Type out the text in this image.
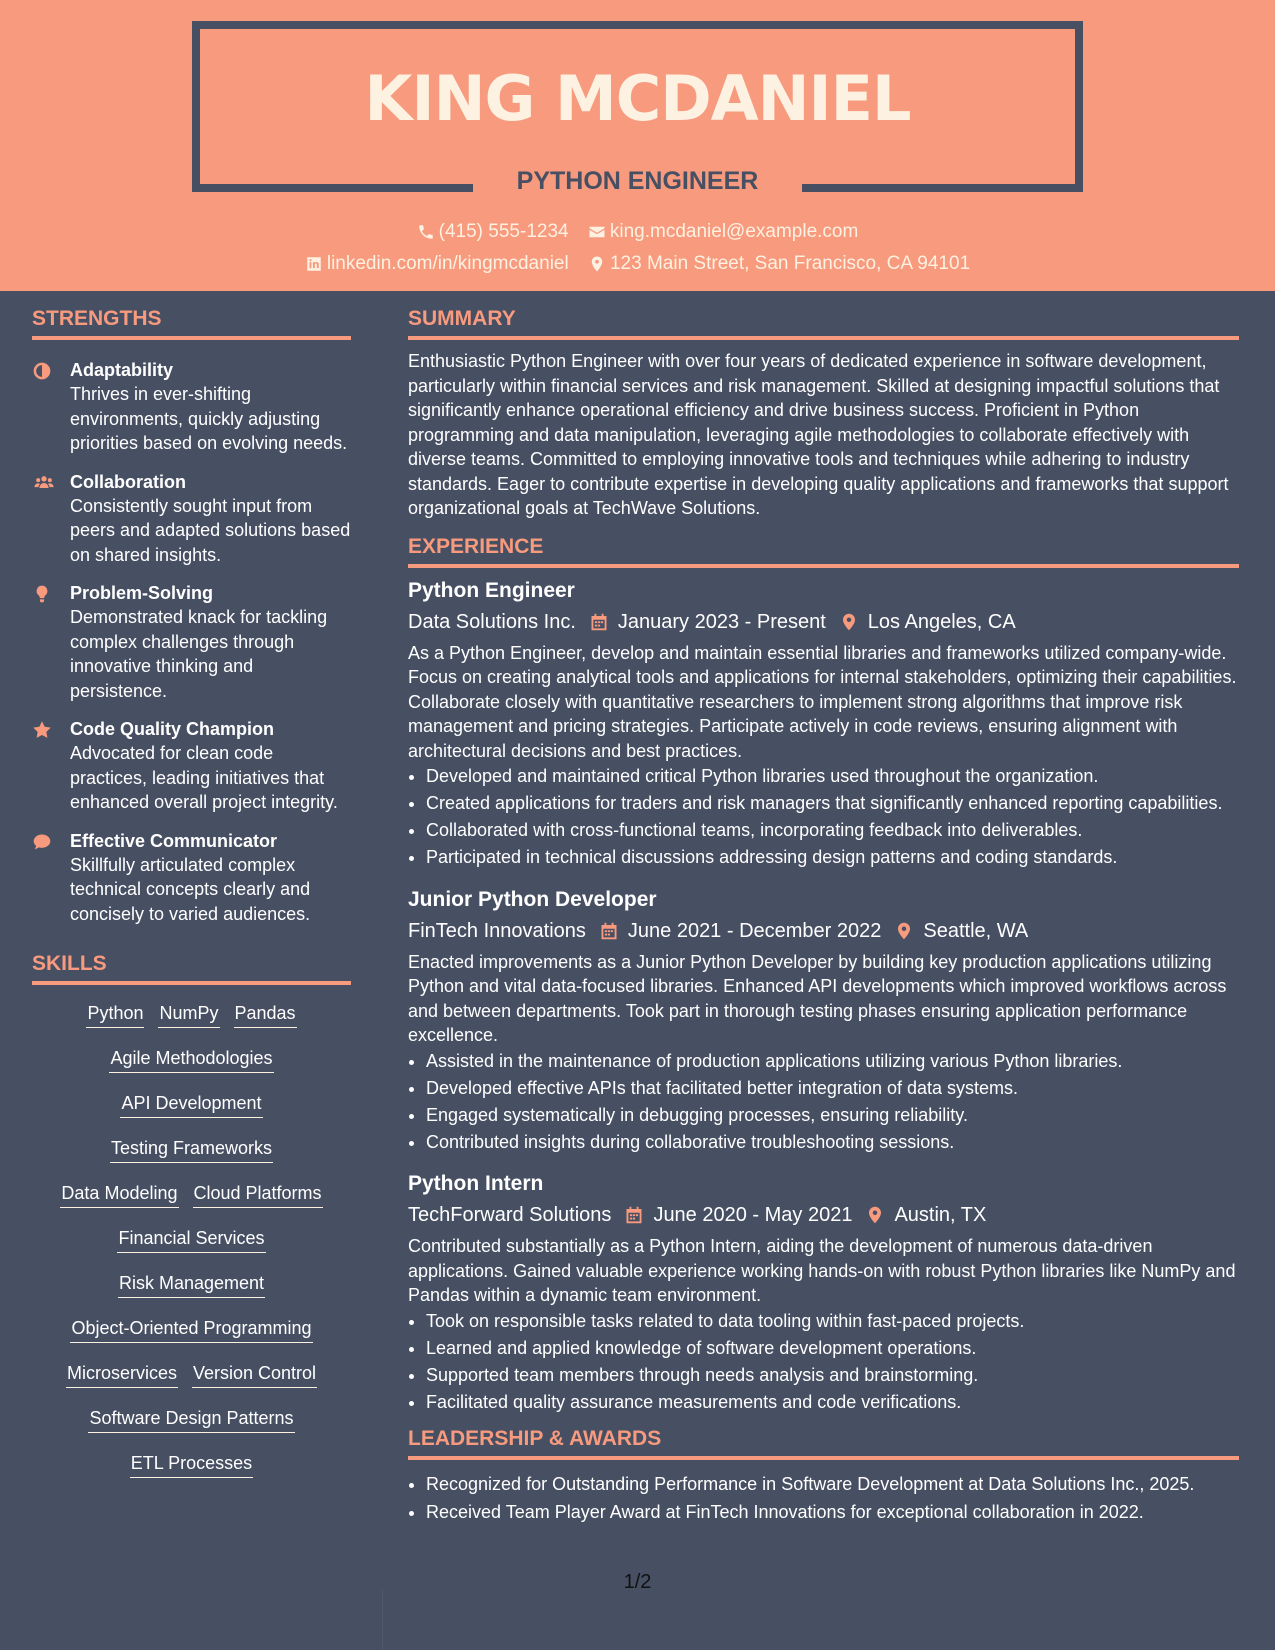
KING MCDANIEL
PYTHON ENGINEER
(415) 555-1234
king.mcdaniel@example.com
linkedin.com/in/kingmcdaniel
123 Main Street, San Francisco, CA 94101
STRENGTHS
Adaptability
Thrives in ever-shifting environments, quickly adjusting priorities based on evolving needs.
Collaboration
Consistently sought input from peers and adapted solutions based on shared insights.
Problem-Solving
Demonstrated knack for tackling complex challenges through innovative thinking and persistence.
Code Quality Champion
Advocated for clean code practices, leading initiatives that enhanced overall project integrity.
Effective Communicator
Skillfully articulated complex technical concepts clearly and concisely to varied audiences.
SKILLS
Python NumPy Pandas
Agile Methodologies
API Development
Testing Frameworks
Data Modeling Cloud Platforms
Financial Services
Risk Management
Object-Oriented Programming
Microservices Version Control
Software Design Patterns
ETL Processes
SUMMARY
Enthusiastic Python Engineer with over four years of dedicated experience in software development, particularly within financial services and risk management. Skilled at designing impactful solutions that significantly enhance operational efficiency and drive business success. Proficient in Python programming and data manipulation, leveraging agile methodologies to collaborate effectively with diverse teams. Committed to employing innovative tools and techniques while adhering to industry standards. Eager to contribute expertise in developing quality applications and frameworks that support organizational goals at TechWave Solutions.
EXPERIENCE
Python Engineer
Data Solutions Inc. January 2023 - Present Los Angeles, CA
As a Python Engineer, develop and maintain essential libraries and frameworks utilized company-wide. Focus on creating analytical tools and applications for internal stakeholders, optimizing their capabilities. Collaborate closely with quantitative researchers to implement strong algorithms that improve risk management and pricing strategies. Participate actively in code reviews, ensuring alignment with architectural decisions and best practices.
• Developed and maintained critical Python libraries used throughout the organization.
• Created applications for traders and risk managers that significantly enhanced reporting capabilities.
• Collaborated with cross-functional teams, incorporating feedback into deliverables.
• Participated in technical discussions addressing design patterns and coding standards.
Junior Python Developer
FinTech Innovations June 2021 - December 2022 Seattle, WA
Enacted improvements as a Junior Python Developer by building key production applications utilizing Python and vital data-focused libraries. Enhanced API developments which improved workflows across and between departments. Took part in thorough testing phases ensuring application performance excellence.
• Assisted in the maintenance of production applications utilizing various Python libraries.
• Developed effective APIs that facilitated better integration of data systems.
• Engaged systematically in debugging processes, ensuring reliability.
• Contributed insights during collaborative troubleshooting sessions.
Python Intern
TechForward Solutions June 2020 - May 2021 Austin, TX
Contributed substantially as a Python Intern, aiding the development of numerous data-driven applications. Gained valuable experience working hands-on with robust Python libraries like NumPy and Pandas within a dynamic team environment.
• Took on responsible tasks related to data tooling within fast-paced projects.
• Learned and applied knowledge of software development operations.
• Supported team members through needs analysis and brainstorming.
• Facilitated quality assurance measurements and code verifications.
LEADERSHIP & AWARDS
• Recognized for Outstanding Performance in Software Development at Data Solutions Inc., 2025.
• Received Team Player Award at FinTech Innovations for exceptional collaboration in 2022.
1/2
